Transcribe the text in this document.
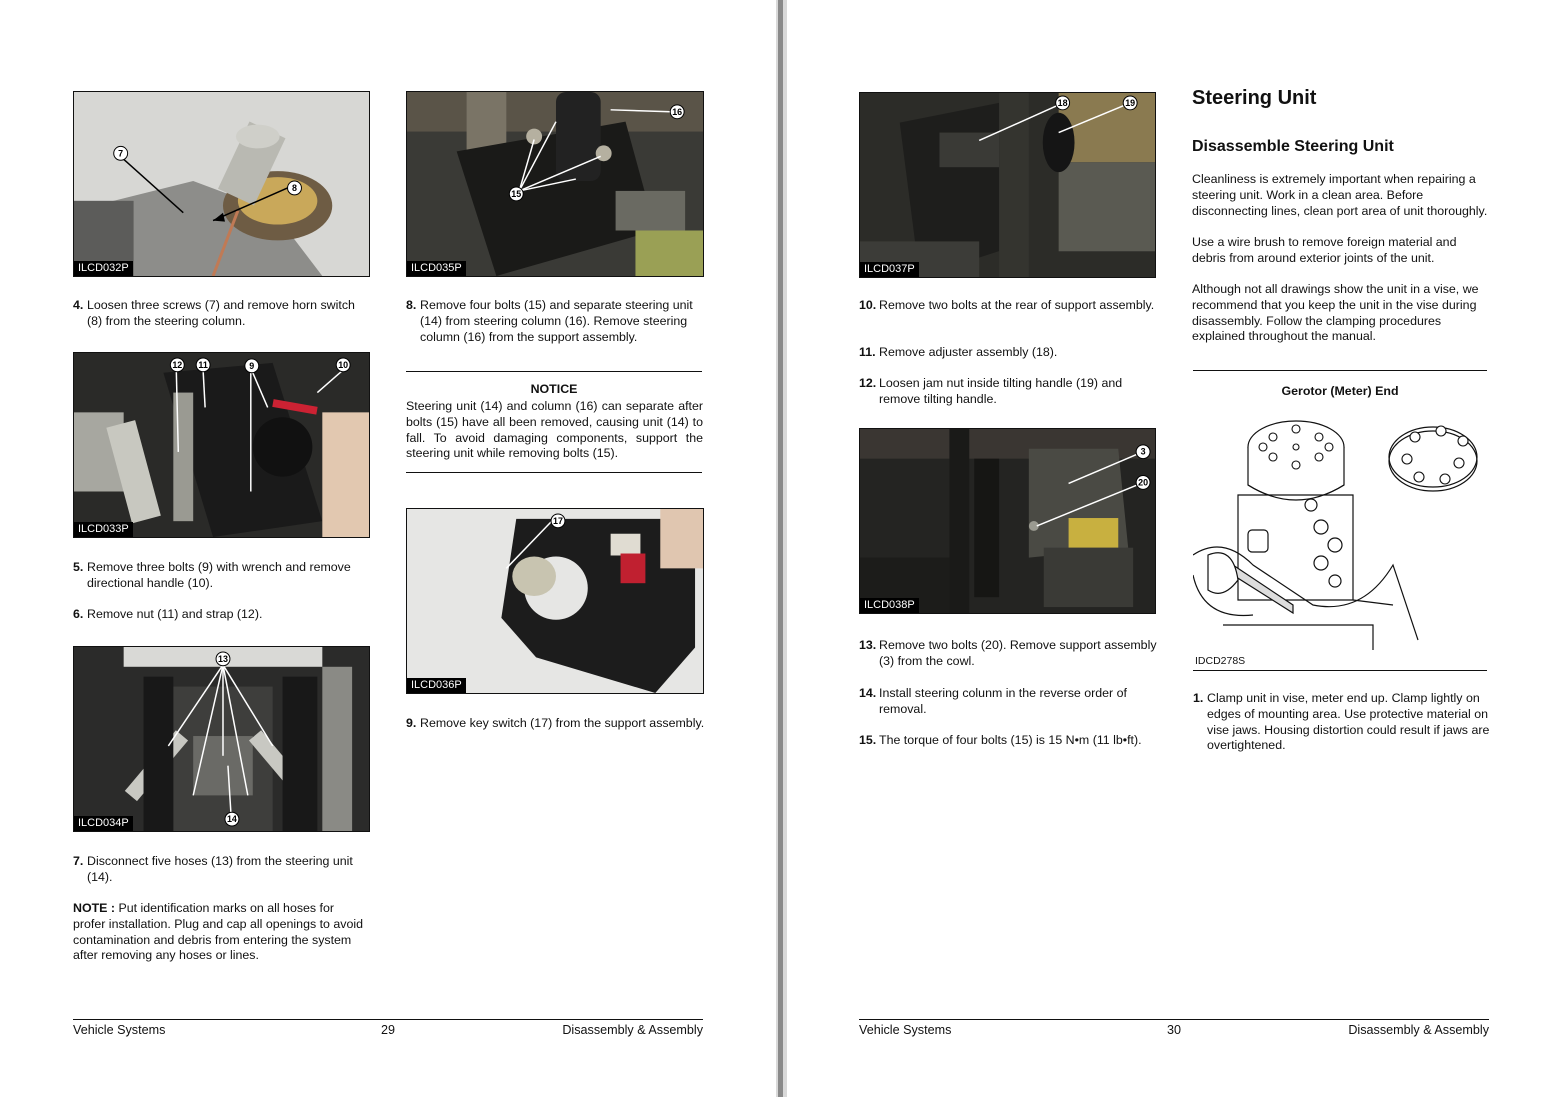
7
8
ILCD032P
4. Loosen three screws (7) and remove horn switch (8) from the steering column.
12 11	9	10
ILCD033P
5. Remove three bolts (9) with wrench and remove directional handle (10).
6. Remove nut (11) and strap (12).
13
14
ILCD034P
7. Disconnect five hoses (13) from the steering unit (14).
NOTE : Put identification marks on all hoses for profer installation. Plug and cap all openings to avoid contamination and debris from entering the system after removing any hoses or lines.
16
15
ILCD035P
8. Remove four bolts (15) and separate steering unit (14) from steering column (16). Remove steering column (16) from the support assembly.
NOTICE
Steering unit (14) and column (16) can separate after bolts (15) have all been removed, causing unit (14) to fall. To avoid damaging components, support the steering unit while removing bolts (15).
17
ILCD036P
9. Remove key switch (17) from the support assembly.
Vehicle Systems	29	Disassembly & Assembly
18	19
ILCD037P
10. Remove two bolts at the rear of support assembly.
11. Remove adjuster assembly (18).
12. Loosen jam nut inside tilting handle (19) and remove tilting handle.
3
20
ILCD038P
13. Remove two bolts (20). Remove support assembly (3) from the cowl.
14. Install steering colunm in the reverse order of removal.
15. The torque of four bolts (15) is 15 N•m (11 lb•ft).
Steering Unit
Disassemble Steering Unit
Cleanliness is extremely important when repairing a steering unit. Work in a clean area. Before disconnecting lines, clean port area of unit thoroughly.
Use a wire brush to remove foreign material and debris from around exterior joints of the unit.
Although not all drawings show the unit in a vise, we recommend that you keep the unit in the vise during disassembly. Follow the clamping procedures explained throughout the manual.
Gerotor (Meter) End
IDCD278S
1. Clamp unit in vise, meter end up. Clamp lightly on edges of mounting area. Use protective material on vise jaws. Housing distortion could result if jaws are overtightened.
Vehicle Systems	30	Disassembly & Assembly
